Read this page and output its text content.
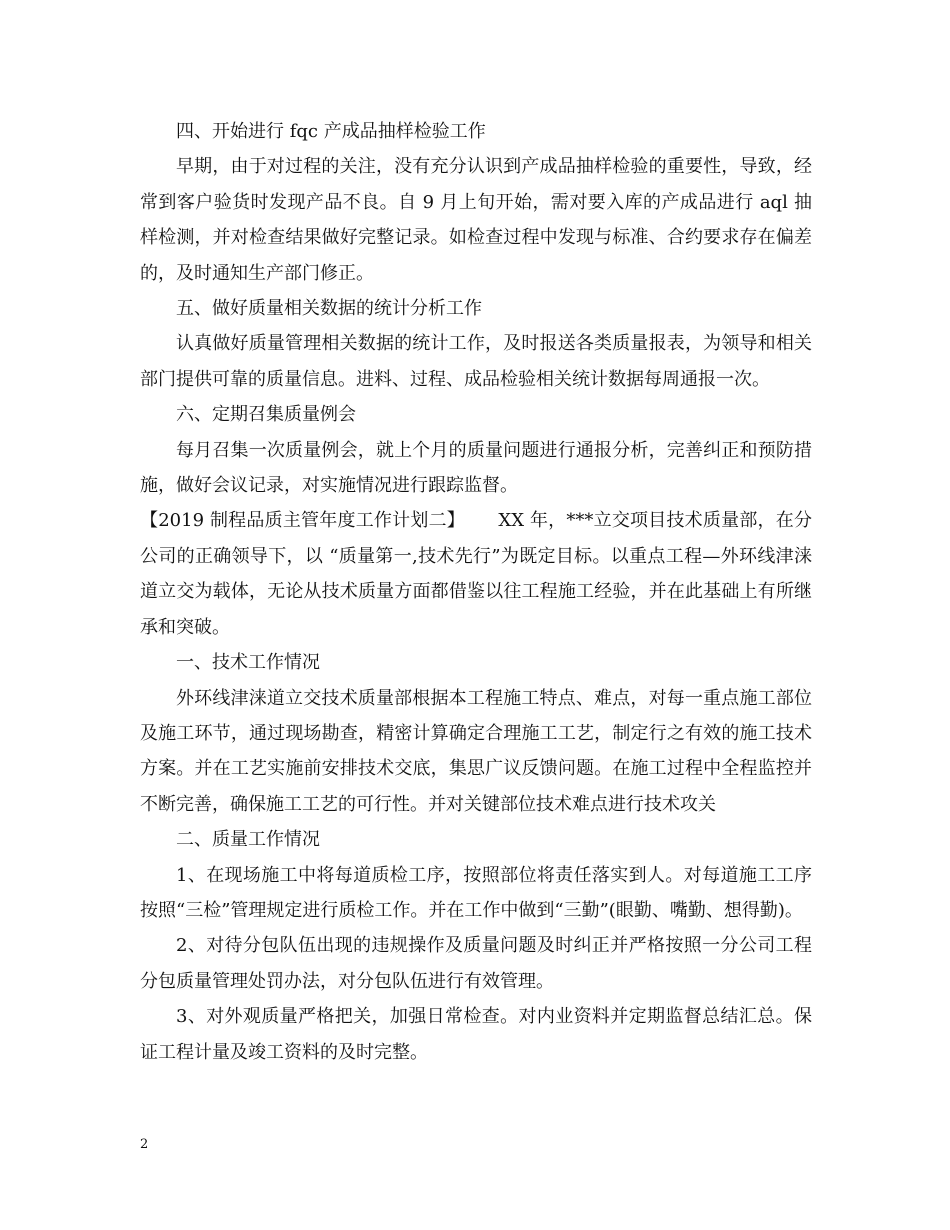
四、开始进行 fqc 产成品抽样检验工作

早期，由于对过程的关注，没有充分认识到产成品抽样检验的重要性，导致，经常到客户验货时发现产品不良。自 9 月上旬开始，需对要入库的产成品进行 aql 抽样检测，并对检查结果做好完整记录。如检查过程中发现与标准、合约要求存在偏差的，及时通知生产部门修正。

五、做好质量相关数据的统计分析工作

认真做好质量管理相关数据的统计工作，及时报送各类质量报表，为领导和相关部门提供可靠的质量信息。进料、过程、成品检验相关统计数据每周通报一次。

六、定期召集质量例会

每月召集一次质量例会，就上个月的质量问题进行通报分析，完善纠正和预防措施，做好会议记录，对实施情况进行跟踪监督。

【2019 制程品质主管年度工作计划二】　　 XX 年，***立交项目技术质量部，在分公司的正确领导下，以 “质量第一,技术先行”为既定目标。以重点工程—外环线津涞道立交为载体，无论从技术质量方面都借鉴以往工程施工经验，并在此基础上有所继承和突破。

一、技术工作情况

外环线津涞道立交技术质量部根据本工程施工特点、难点，对每一重点施工部位及施工环节，通过现场勘查，精密计算确定合理施工工艺，制定行之有效的施工技术方案。并在工艺实施前安排技术交底，集思广议反馈问题。在施工过程中全程监控并不断完善，确保施工工艺的可行性。并对关键部位技术难点进行技术攻关

二、质量工作情况

1、在现场施工中将每道质检工序，按照部位将责任落实到人。对每道施工工序按照“三检”管理规定进行质检工作。并在工作中做到“三勤”(眼勤、嘴勤、想得勤)。

2、对待分包队伍出现的违规操作及质量问题及时纠正并严格按照一分公司工程分包质量管理处罚办法，对分包队伍进行有效管理。

3、对外观质量严格把关，加强日常检查。对内业资料并定期监督总结汇总。保证工程计量及竣工资料的及时完整。

2
